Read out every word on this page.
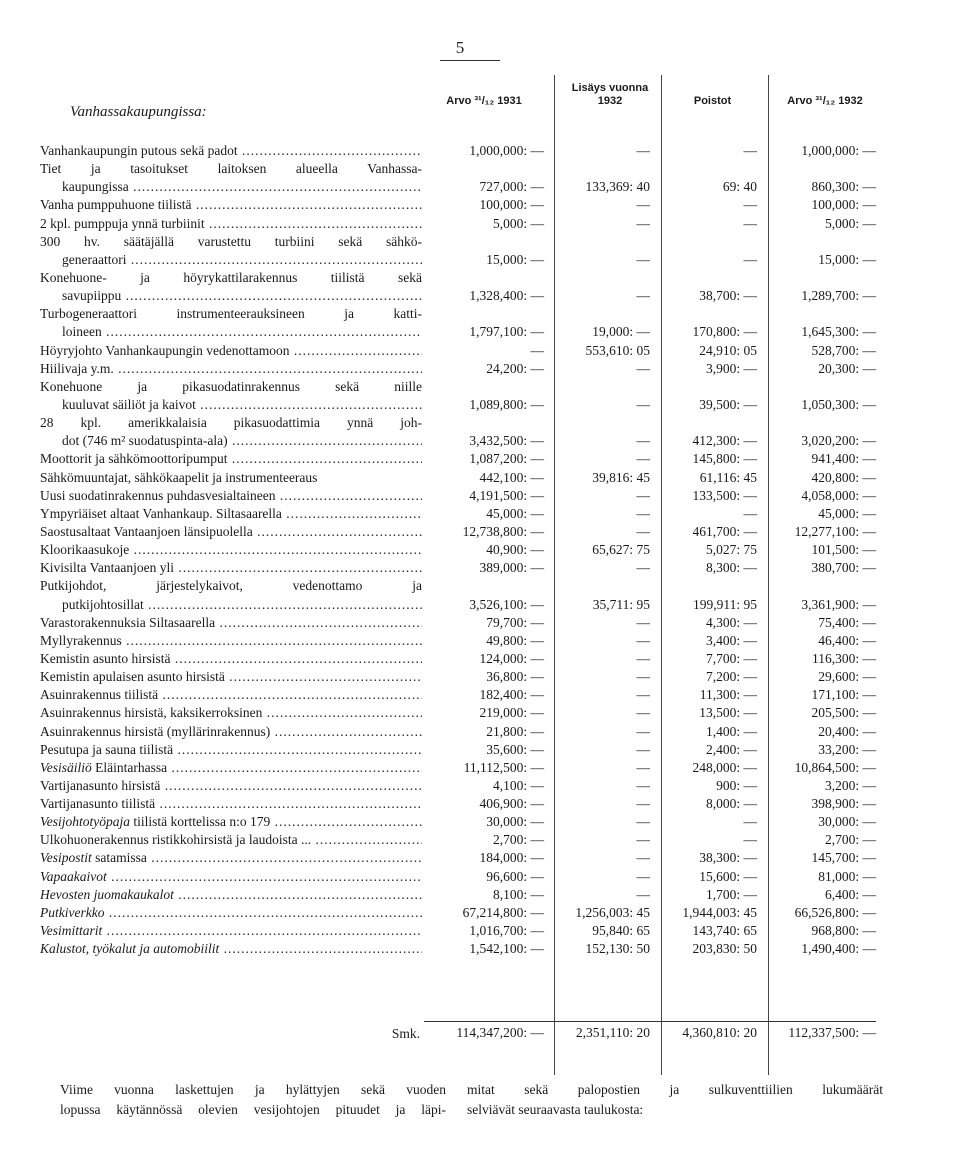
5
Vanhassakaupungissa:
Arvo ³¹/₁₂ 1931
Lisäys vuonna 1932	Poistot	Arvo ³¹/₁₂ 1932
Vanhankaupungin putous sekä padot .....	1,000,000: —	—	—	1,000,000: —
Tiet ja tasoitukset laitoksen alueella Vanhassa-
kaupungissa .....	727,000: —	133,369: 40	69: 40	860,300: —
Vanha pumppuhuone tiilistä .....	100,000: —	—	—	100,000: —
2 kpl. pumppuja ynnä turbiinit .....	5,000: —	—	—	5,000: —
300 hv. säätäjällä varustettu turbiini sekä sähkö-
generaattori .....	15,000: —	—	—	15,000: —
Konehuone- ja höyrykattilarakennus tiilistä sekä
savupiippu .....	1,328,400: —	—	38,700: —	1,289,700: —
Turbogeneraattori instrumenteerauksineen ja katti-
loineen .....	1,797,100: —	19,000: —	170,800: —	1,645,300: —
Höyryjohto Vanhankaupungin vedenottamoon .....	—	553,610: 05	24,910: 05	528,700: —
Hiilivaja y.m. .....	24,200: —	—	3,900: —	20,300: —
Konehuone ja pikasuodatinrakennus sekä niille
kuuluvat säiliöt ja kaivot .....	1,089,800: —	—	39,500: —	1,050,300: —
28 kpl. amerikkalaisia pikasuodattimia ynnä joh-
dot (746 m² suodatuspinta-ala) .....	3,432,500: —	—	412,300: —	3,020,200: —
Moottorit ja sähkömoottoripumput .....	1,087,200: —	—	145,800: —	941,400: —
Sähkömuuntajat, sähkökaapelit ja instrumenteeraus	442,100: —	39,816: 45	61,116: 45	420,800: —
Uusi suodatinrakennus puhdasvesialtaineen .....	4,191,500: —	—	133,500: —	4,058,000: —
Ympyriäiset altaat Vanhankaup. Siltasaarella .....	45,000: —	—	—	45,000: —
Saostusaltaat Vantaanjoen länsipuolella .....	12,738,800: —	—	461,700: —	12,277,100: —
Kloorikaasukoje .....	40,900: —	65,627: 75	5,027: 75	101,500: —
Kivisilta Vantaanjoen yli .....	389,000: —	—	8,300: —	380,700: —
Putkijohdot, järjestelykaivot, vedenottamo ja
putkijohtosillat .....	3,526,100: —	35,711: 95	199,911: 95	3,361,900: —
Varastorakennuksia Siltasaarella .....	79,700: —	—	4,300: —	75,400: —
Myllyrakennus .....	49,800: —	—	3,400: —	46,400: —
Kemistin asunto hirsistä .....	124,000: —	—	7,700: —	116,300: —
Kemistin apulaisen asunto hirsistä .....	36,800: —	—	7,200: —	29,600: —
Asuinrakennus tiilistä .....	182,400: —	—	11,300: —	171,100: —
Asuinrakennus hirsistä, kaksikerroksinen .....	219,000: —	—	13,500: —	205,500: —
Asuinrakennus hirsistä (myllärinrakennus) .....	21,800: —	—	1,400: —	20,400: —
Pesutupa ja sauna tiilistä .....	35,600: —	—	2,400: —	33,200: —
Vesisäiliö Eläintarhassa .....	11,112,500: —	—	248,000: —	10,864,500: —
Vartijanasunto hirsistä .....	4,100: —	—	900: —	3,200: —
Vartijanasunto tiilistä .....	406,900: —	—	8,000: —	398,900: —
Vesijohtotyöpaja tiilistä korttelissa n:o 179 .....	30,000: —	—	—	30,000: —
Ulkohuonerakennus ristikkohirsistä ja laudoista ... .....	2,700: —	—	—	2,700: —
Vesipostit satamissa .....	184,000: —	—	38,300: —	145,700: —
Vapaakaivot .....	96,600: —	—	15,600: —	81,000: —
Hevosten juomakaukalot .....	8,100: —	—	1,700: —	6,400: —
Putkiverkko .....	67,214,800: —	1,256,003: 45	1,944,003: 45	66,526,800: —
Vesimittarit .....	1,016,700: —	95,840: 65	143,740: 65	968,800: —
Kalustot, työkalut ja automobiilit .....	1,542,100: —	152,130: 50	203,830: 50	1,490,400: —
Smk.	114,347,200: —	2,351,110: 20	4,360,810: 20	112,337,500: —
Viime vuonna laskettujen ja hylättyjen sekä vuoden
lopussa käytännössä olevien vesijohtojen pituudet ja läpi-
mitat sekä palopostien ja sulkuventtiilien lukumäärät
selviävät seuraavasta taulukosta:
